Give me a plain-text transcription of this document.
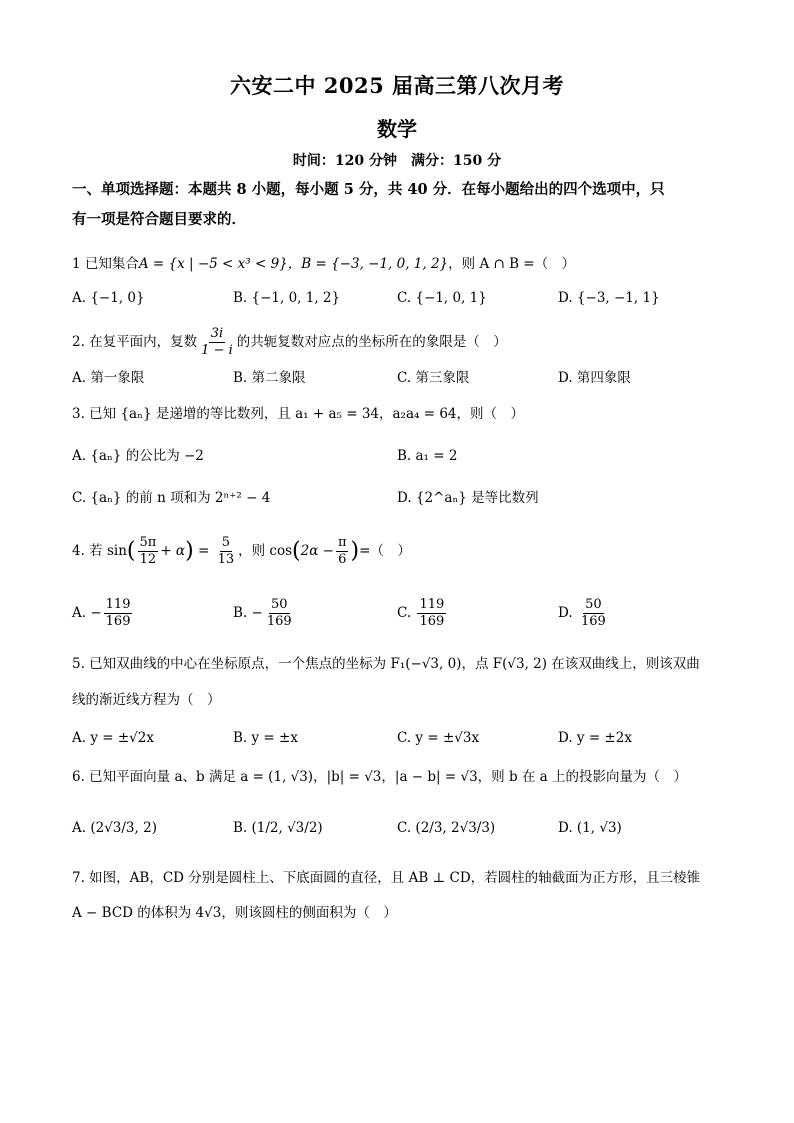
六安二中 2025 届高三第八次月考
数学
时间：120 分钟　满分：150 分
一、单项选择题：本题共 8 小题，每小题 5 分，共 40 分．在每小题给出的四个选项中，只
有一项是符合题目要求的．
1 已知集合A = {x | −5 < x³ < 9}，B = {−3, −1, 0, 1, 2}，则 A ∩ B =（　）
A. {−1, 0}	B. {−1, 0, 1, 2}	C. {−1, 0, 1}	D. {−3, −1, 1}
2. 在复平面内，复数 $\frac{3i}{1 - i}$ 的共轭复数对应点的坐标所在的象限是（　）
A. 第一象限	B. 第二象限	C. 第三象限	D. 第四象限
3. 已知 {aₙ} 是递增的等比数列，且 a₁ + a₅ = 34，a₂a₄ = 64，则（　）
A. {aₙ} 的公比为 −2	B. a₁ = 2
C. {aₙ} 的前 n 项和为 2ⁿ⁺² − 4	D. {2^aₙ} 是等比数列
4. 若 $\sin( \frac{5\pi}{12} + \alpha) = \frac{5}{13}$ ，则 $\cos(2\alpha - \frac{\pi}{6}$ )=（　）
A. − $\frac{119}{169}$	B. − $\frac{50}{169}$	C. $\frac{119}{169}$	D. $\frac{50}{169}$
5. 已知双曲线的中心在坐标原点，一个焦点的坐标为 F₁(−√3, 0)，点 F(√3, 2) 在该双曲线上，则该双曲
线的渐近线方程为（　）
A. y = ±√2x	B. y = ±x	C. y = ±√3x	D. y = ±2x
6. 已知平面向量 a、b 满足 a = (1, √3)，|b| = √3，|a − b| = √3，则 b 在 a 上的投影向量为（　）
A. (2√3/3, 2)	B. (1/2, √3/2)	C. (2/3, 2√3/3)	D. (1, √3)
7. 如图，AB，CD 分别是圆柱上、下底面圆的直径，且 AB ⊥ CD，若圆柱的轴截面为正方形，且三棱锥
A − BCD 的体积为 4√3，则该圆柱的侧面积为（　）
